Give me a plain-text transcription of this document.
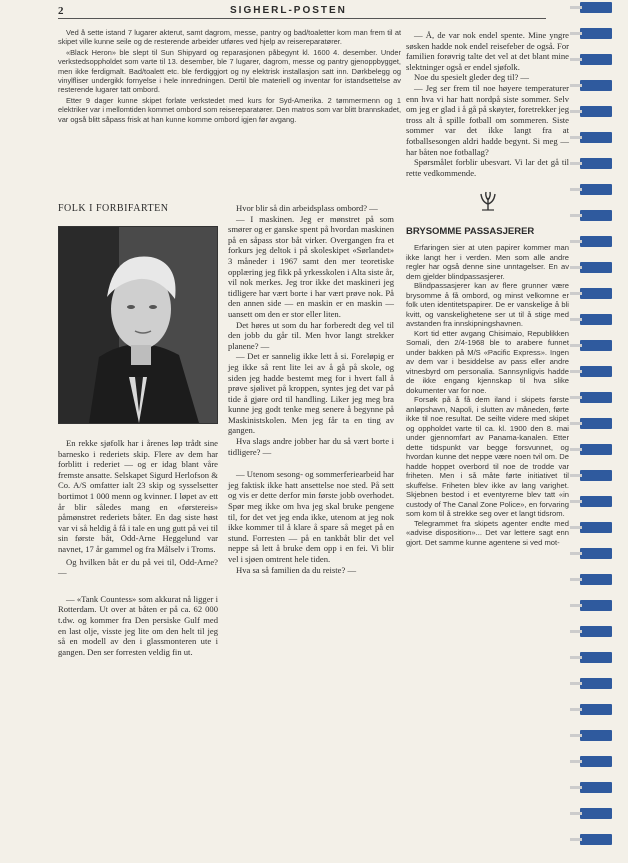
2	SIGHERL-POSTEN

Ved å sette istand 7 lugarer akterut, samt dagrom, messe, pantry og bad/toaletter kom man frem til at skipet ville kunne seile og de resterende arbeider utføres ved hjelp av reisereparatører.

«Black Heron» ble slept til Sun Shipyard og reparasjonen påbegynt kl. 1600 4. desember. Under verkstedsoppholdet som varte til 13. desember, ble 7 lugarer, dagrom, messe og pantry gjenoppbygget, men ikke ferdigmalt. Bad/toalett etc. ble ferdiggjort og ny elektrisk installasjon satt inn. Dørkbelegg og vinylfliser undergikk fornyelse i hele innredningen. Dertil ble materiell og inventar for istandsettelse av resterende lugarer tatt ombord.

Etter 9 dager kunne skipet forlate verkstedet med kurs for Syd-Amerika. 2 tømmermenn og 1 elektriker var i mellomtiden kommet ombord som reisereparatører. Den matros som var blitt brannskadet, var også blitt såpass frisk at han kunne komme ombord igjen før avgang.

FOLK I FORBIFARTEN

En rekke sjøfolk har i årenes løp trådt sine barnesko i rederiets skip. Flere av dem har forblitt i rederiet — og er idag blant våre fremste ansatte. Selskapet Sigurd Herlofson & Co. A/S omfatter ialt 23 skip og sysselsetter bortimot 1 000 menn og kvinner. I løpet av ett år blir således mang en «førstereis» påmønstret rederiets båter. En dag siste høst var vi så heldig å få i tale en ung gutt på vei til sin første båt, Odd-Arne Heggelund var navnet, 17 år gammel og fra Målselv i Troms.

Og hvilken båt er du på vei til, Odd-Arne? —

— «Tank Countess» som akkurat nå ligger i Rotterdam. Ut over at båten er på ca. 62 000 t.dw. og kommer fra Den persiske Gulf med en last olje, visste jeg lite om den helt til jeg så en modell av den i glassmonteren ute i gangen. Den ser forresten veldig fin ut.

Hvor blir så din arbeidsplass ombord? —

— I maskinen. Jeg er mønstret på som smører og er ganske spent på hvordan maskinen på en såpass stor båt virker. Overgangen fra et forkurs jeg deltok i på skoleskipet «Sørlandet» 3 måneder i 1967 samt den mer teoretiske opplæring jeg fikk på yrkesskolen i Alta siste år, vil nok merkes. Jeg tror ikke det maskineri jeg tidligere har vært borte i har vært prøve nok. På den annen side — en maskin er en maskin — uansett om den er stor eller liten.

Det høres ut som du har forberedt deg vel til den jobb du går til. Men hvor langt strekker planene? —

— Det er sannelig ikke lett å si. Foreløpig er jeg ikke så rent lite lei av å gå på skole, og siden jeg hadde bestemt meg for i hvert fall å prøve sjølivet på kroppen, syntes jeg det var på tide å gjøre ord til handling. Liker jeg meg bra kunne jeg godt tenke meg senere å begynne på Maskinistskolen. Men jeg får ta en ting av gangen.

Hva slags andre jobber har du så vært borte i tidligere? —

— Utenom sesong- og sommerferiearbeid har jeg faktisk ikke hatt ansettelse noe sted. På sett og vis er dette derfor min første jobb overhodet. Spør meg ikke om hva jeg skal bruke pengene til, for det vet jeg enda ikke, utenom at jeg nok ikke kommer til å klare å spare så meget på en stund. Forresten — på en tankbåt blir det vel neppe så lett å bruke dem opp i en fei. Vi blir vel i sjøen omtrent hele tiden.

Hva sa så familien da du reiste? —

— Å, de var nok endel spente. Mine yngre søsken hadde nok endel reisefeber de også. For familien forøvrig talte det vel at det blant mine slektninger også er endel sjøfolk.

Noe du spesielt gleder deg til? —

— Jeg ser frem til noe høyere temperaturer enn hva vi har hatt nordpå siste sommer. Selv om jeg er glad i å gå på skøyter, foretrekker jeg tross alt å spille fotball om sommeren. Siste sommer var det ikke langt fra at fotballsesongen aldri hadde begynt. Si meg — har båten noe fotballag?

Spørsmålet forblir ubesvart. Vi lar det gå til rette vedkommende.

BRYSOMME PASSASJERER

Erfaringen sier at uten papirer kommer man ikke langt her i verden. Men som alle andre regler har også denne sine unntagelser. En av dem gjelder blindpassasjerer.

Blindpassasjerer kan av flere grunner være brysomme å få ombord, og minst velkomne er folk uten identitetspapirer. De er vanskelige å bli kvitt, og vanskelighetene ser ut til å stige med avstanden fra innskipningshavnen.

Kort tid etter avgang Chisimaio, Republikken Somali, den 2/4-1968 ble to arabere funnet under bakken på M/S «Pacific Express». Ingen av dem var i besiddelse av pass eller andre vitnesbyrd om personalia. Sannsynligvis hadde de ikke engang kjennskap til hva slike dokumenter var for noe.

Forsøk på å få dem iland i skipets første anløpshavn, Napoli, i slutten av måneden, førte ikke til noe resultat. De seilte videre med skipet og oppholdet varte til ca. kl. 1900 den 8. mai under gjennomfart av Panama-kanalen. Etter dette tidspunkt var begge forsvunnet, og hvordan kunne det neppe være noen tvil om. De hadde hoppet overbord til noe de trodde var friheten. Men i så måte førte initiativet til skuffelse. Friheten blev ikke av lang varighet. Skjebnen bestod i et eventyrerne blev tatt «in custody of The Canal Zone Police», en forvaring som kom til å strekke seg over et langt tidsrom.

Telegrammet fra skipets agenter endte med «advise disposition»... Det var lettere sagt enn gjort. Det samme kunne agentene si ved mot-
